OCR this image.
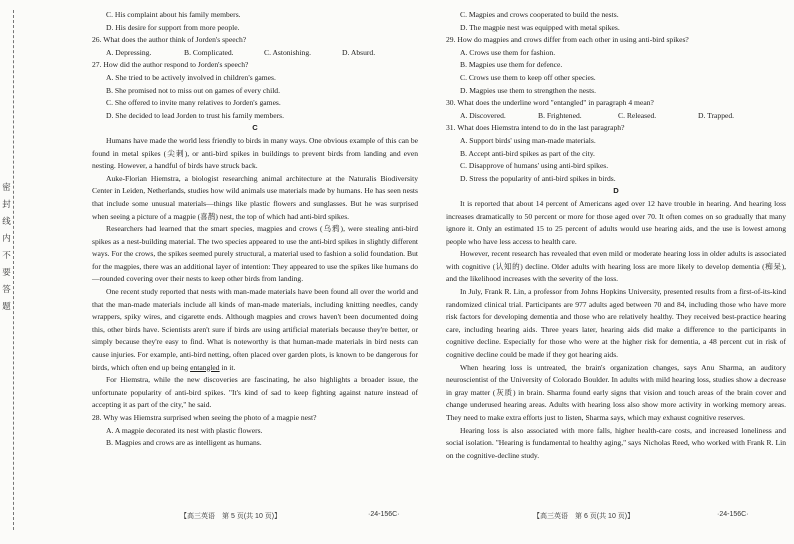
密
封
线
内
不
要
答
题

C. His complaint about his family members.

D. His desire for support from more people.

26. What does the author think of Jorden's speech?

A. Depressing.	B. Complicated.	C. Astonishing.	D. Absurd.

27. How did the author respond to Jorden's speech?

A. She tried to be actively involved in children's games.

B. She promised not to miss out on games of every child.

C. She offered to invite many relatives to Jorden's games.

D. She decided to lead Jorden to trust his family members.

C

Humans have made the world less friendly to birds in many ways. One obvious example of this can be found in metal spikes (尖刺), or anti-bird spikes in buildings to prevent birds from landing and even nesting. However, a handful of birds have struck back.

Auke-Florian Hiemstra, a biologist researching animal architecture at the Naturalis Biodiversity Center in Leiden, Netherlands, studies how wild animals use materials made by humans. He has seen nests that include some unusual materials—things like plastic flowers and sunglasses. But he was surprised when seeing a picture of a magpie (喜鹊) nest, the top of which had anti-bird spikes.

Researchers had learned that the smart species, magpies and crows (乌鸦), were stealing anti-bird spikes as a nest-building material. The two species appeared to use the anti-bird spikes in slightly different ways. For the crows, the spikes seemed purely structural, a material used to fashion a solid foundation. But for the magpies, there was an additional layer of intention: They appeared to use the spikes like humans do—rounded covering over their nests to keep other birds from landing.

One recent study reported that nests with man-made materials have been found all over the world and that the man-made materials include all kinds of man-made materials, including knitting needles, candy wrappers, spiky wires, and cigarette ends. Although magpies and crows haven't been documented doing this, other birds have. Scientists aren't sure if birds are using artificial materials because they're better, or simply because they're easy to find. What is noteworthy is that human-made materials in bird nests can cause injuries. For example, anti-bird netting, often placed over garden plots, is known to be dangerous for birds, which often end up being entangled in it.

For Hiemstra, while the new discoveries are fascinating, he also highlights a broader issue, the unfortunate popularity of anti-bird spikes. "It's kind of sad to keep fighting against nature instead of accepting it as part of the city," he said.

28. Why was Hiemstra surprised when seeing the photo of a magpie nest?

A. A magpie decorated its nest with plastic flowers.

B. Magpies and crows are as intelligent as humans.

C. Magpies and crows cooperated to build the nests.

D. The magpie nest was equipped with metal spikes.

29. How do magpies and crows differ from each other in using anti-bird spikes?

A. Crows use them for fashion.

B. Magpies use them for defence.

C. Crows use them to keep off other species.

D. Magpies use them to strengthen the nests.

30. What does the underline word "entangled" in paragraph 4 mean?

A. Discovered.	B. Frightened.	C. Released.	D. Trapped.

31. What does Hiemstra intend to do in the last paragraph?

A. Support birds' using man-made materials.

B. Accept anti-bird spikes as part of the city.

C. Disapprove of humans' using anti-bird spikes.

D. Stress the popularity of anti-bird spikes in birds.

D

It is reported that about 14 percent of Americans aged over 12 have trouble in hearing. And hearing loss increases dramatically to 50 percent or more for those aged over 70. It often comes on so gradually that many ignore it. Only an estimated 15 to 25 percent of adults would use hearing aids, and the use is lowest among people who have less access to health care.

However, recent research has revealed that even mild or moderate hearing loss in older adults is associated with cognitive (认知的) decline. Older adults with hearing loss are more likely to develop dementia (痴呆), and the likelihood increases with the severity of the loss.

In July, Frank R. Lin, a professor from Johns Hopkins University, presented results from a first-of-its-kind randomized clinical trial. Participants are 977 adults aged between 70 and 84, including those who have more risk factors for developing dementia and those who are relatively healthy. They received best-practice hearing care, including hearing aids. Three years later, hearing aids did make a difference to the participants in cognitive decline. Especially for those who were at the higher risk for dementia, a 48 percent cut in risk of cognitive decline could be made if they got hearing aids.

When hearing loss is untreated, the brain's organization changes, says Anu Sharma, an auditory neuroscientist of the University of Colorado Boulder. In adults with mild hearing loss, studies show a decrease in gray matter (灰质) in brain. Sharma found early signs that vision and touch areas of the brain cover and change underused hearing areas. Adults with hearing loss also show more activity in working memory areas. They need to make extra efforts just to listen, Sharma says, which may exhaust cognitive reserves.

Hearing loss is also associated with more falls, higher health-care costs, and increased loneliness and social isolation. "Hearing is fundamental to healthy aging," says Nicholas Reed, who worked with Frank R. Lin on the cognitive-decline study.

【高三英语　第 5 页(共 10 页)】	·24-156C·	【高三英语　第 6 页(共 10 页)】	·24-156C·
